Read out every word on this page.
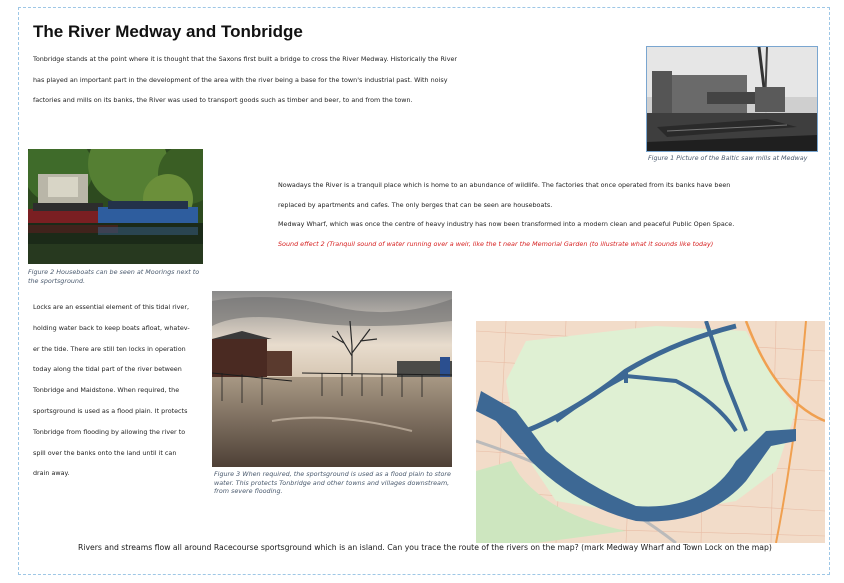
The River Medway and Tonbridge

Tonbridge stands at the point where it is thought that the Saxons first built a bridge to cross the River Medway. Historically the River

has played an important part in the development of the area with the river being a base for the town's industrial past. With noisy

factories and mills on its banks, the River was used to transport goods such as timber and beer, to and from the town.

Figure 1 Picture of the Baltic saw mills at Medway
Figure 2 Houseboats can be seen at Moorings next to the sportsground.

Nowadays the River is a tranquil place which is home to an abundance of wildlife. The factories that once operated from its banks have been

replaced by apartments and cafes. The only berges that can be seen are houseboats.

Medway Wharf, which was once the centre of heavy industry has now been transformed into a modern clean and peaceful Public Open Space.

Sound effect 2 (Tranquil sound of water running over a weir, like the t near the Memorial Garden (to illustrate what it sounds like today)

Locks are an essential element of this tidal river,
holding water back to keep boats afloat, whatev-
er the tide. There are still ten locks in operation
today along the tidal part of the river between
Tonbridge and Maidstone. When required, the
sportsground is used as a flood plain. It protects
Tonbridge from flooding by allowing the river to
spill over the banks onto the land until it can
drain away.	Figure 3 When required, the sportsground is used as a flood plain to store water. This protects Tonbridge and other towns and villages downstream, from severe flooding.
Rivers and streams flow all around Racecourse sportsground which is an island. Can you trace the route of the rivers on the map? (mark Medway Wharf and Town Lock on the map)
